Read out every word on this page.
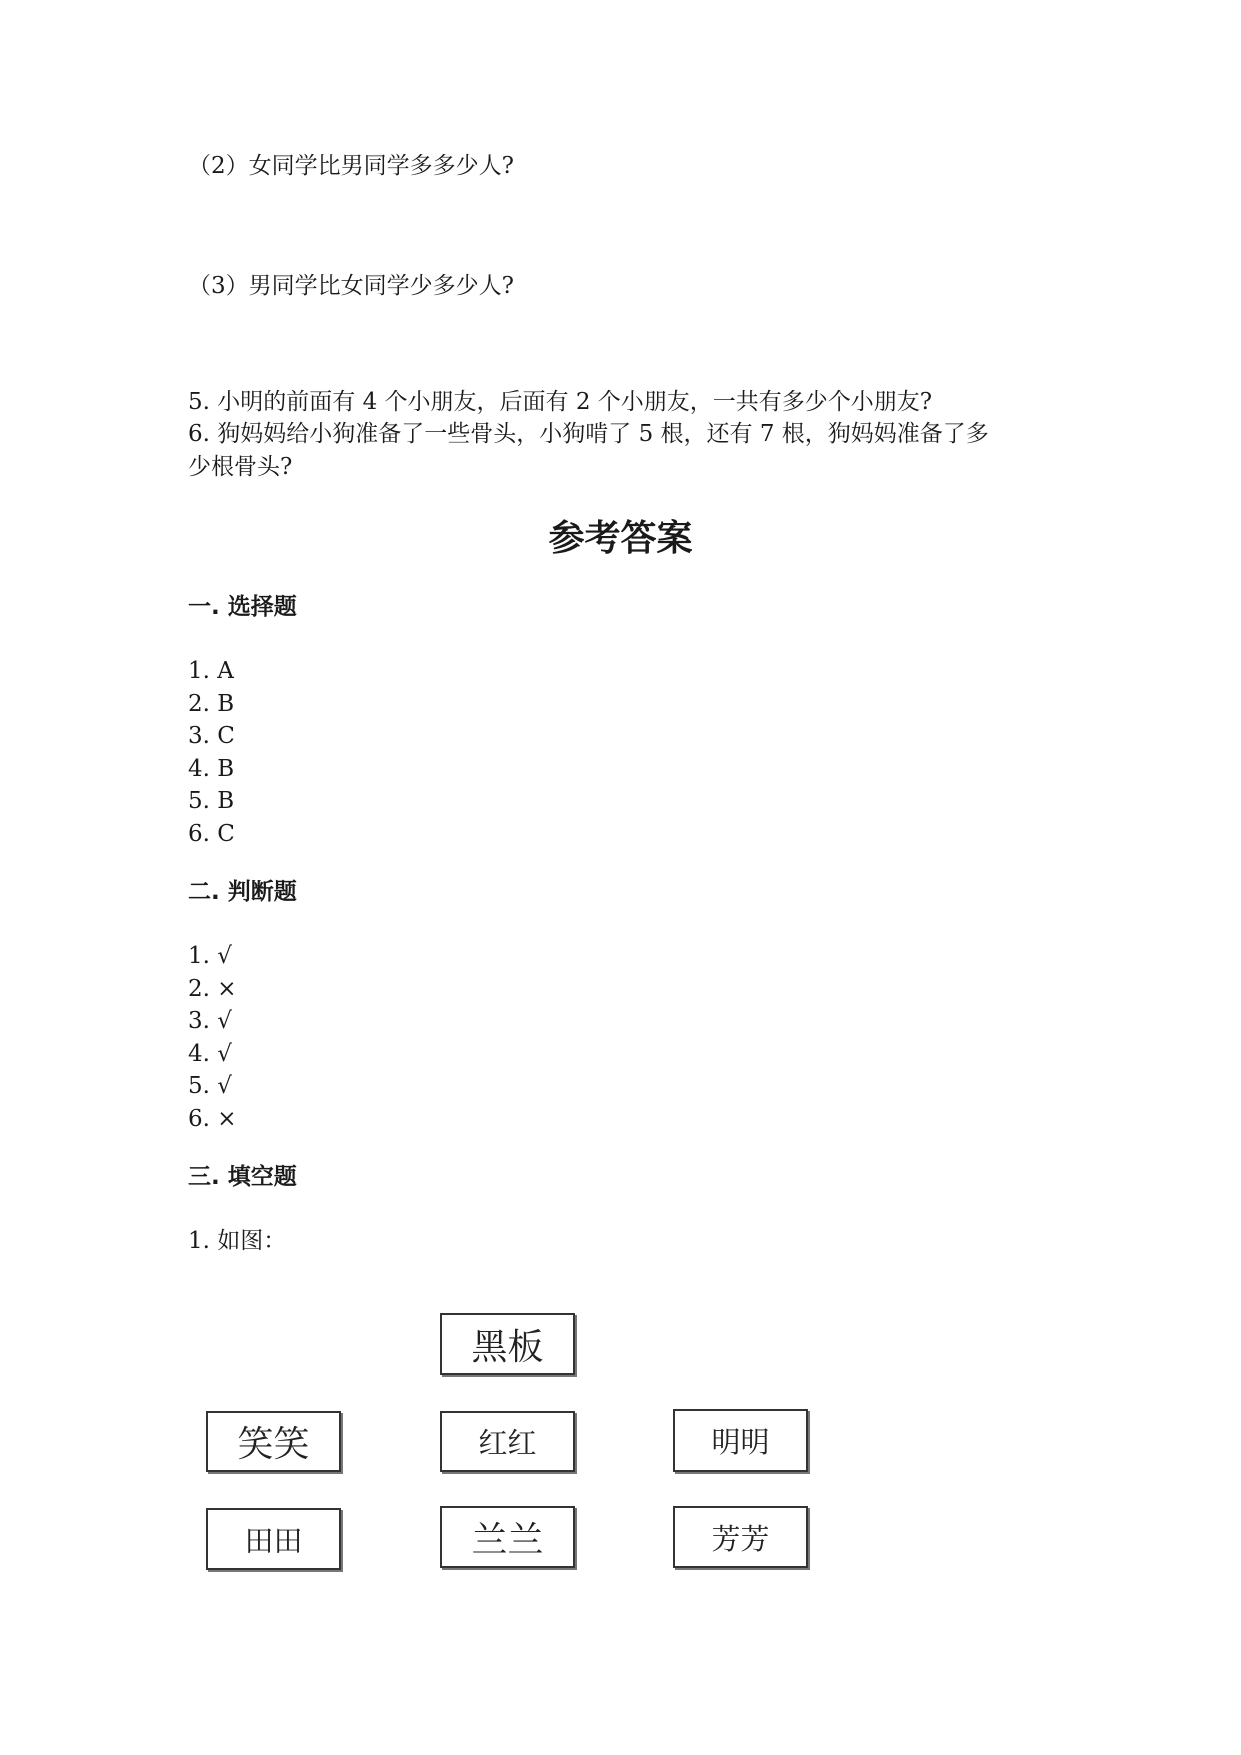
（2）女同学比男同学多多少人?
（3）男同学比女同学少多少人?
5. 小明的前面有 4 个小朋友，后面有 2 个小朋友，一共有多少个小朋友?
6. 狗妈妈给小狗准备了一些骨头，小狗啃了 5 根，还有 7 根，狗妈妈准备了多
少根骨头?
参考答案
一. 选择题
1. A
2. B
3. C
4. B
5. B
6. C
二. 判断题
1. √
2. ×
3. √
4. √
5. √
6. ×
三. 填空题
1. 如图：
黑板
笑笑	红红	明明
田田	兰兰	芳芳
